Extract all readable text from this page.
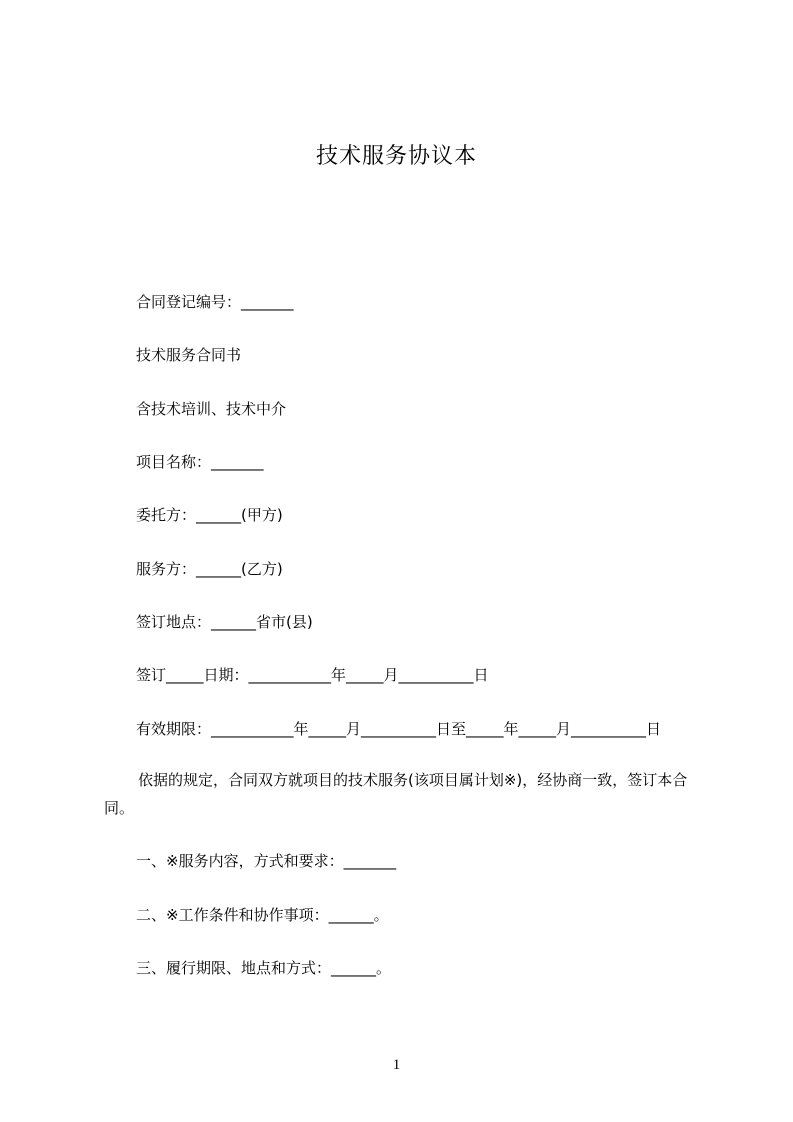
技术服务协议本
合同登记编号：_______
技术服务合同书
含技术培训、技术中介
项目名称：_______
委托方：______(甲方)
服务方：______(乙方)
签订地点：______省市(县)
签订_____日期：___________年_____月__________日
有效期限：___________年_____月__________日至_____年_____月__________日
依据的规定，合同双方就项目的技术服务(该项目属计划※)，经协商一致，签订本合同。
一、※服务内容，方式和要求：_______
二、※工作条件和协作事项：______。
三、履行期限、地点和方式：______。
1
